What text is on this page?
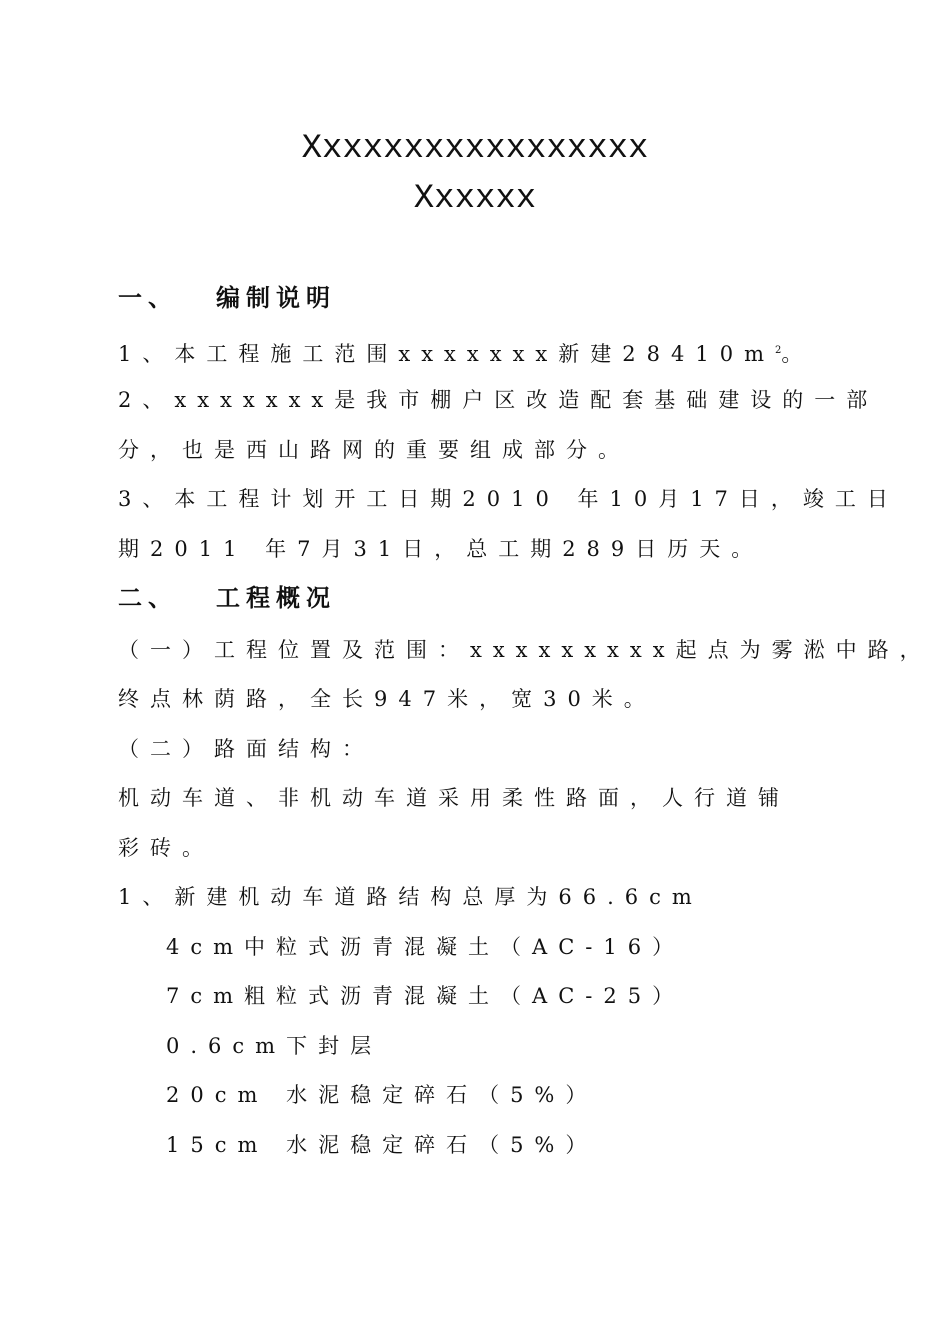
Xxxxxxxxxxxxxxxxx
Xxxxxx
一、 编制说明
1、本工程施工范围xxxxxxx新建$28410m^2$。
2、xxxxxxx是我市棚户区改造配套基础建设的一部
分，也是西山路网的重要组成部分。
3、本工程计划开工日期2010 年10月17日，竣工日
期2011 年7月31日，总工期289日历天。
二、 工程概况
（一）工程位置及范围：xxxxxxxxx起点为雾淞中路，
终点林荫路，全长947米，宽30米。
（二）路面结构：
机动车道、非机动车道采用柔性路面，人行道铺
彩砖。
1、新建机动车道路结构总厚为66.6cm
4cm中粒式沥青混凝土（AC-16）
7cm粗粒式沥青混凝土（AC-25）
0.6cm下封层
20cm 水泥稳定碎石（5%）
15cm 水泥稳定碎石（5%）
